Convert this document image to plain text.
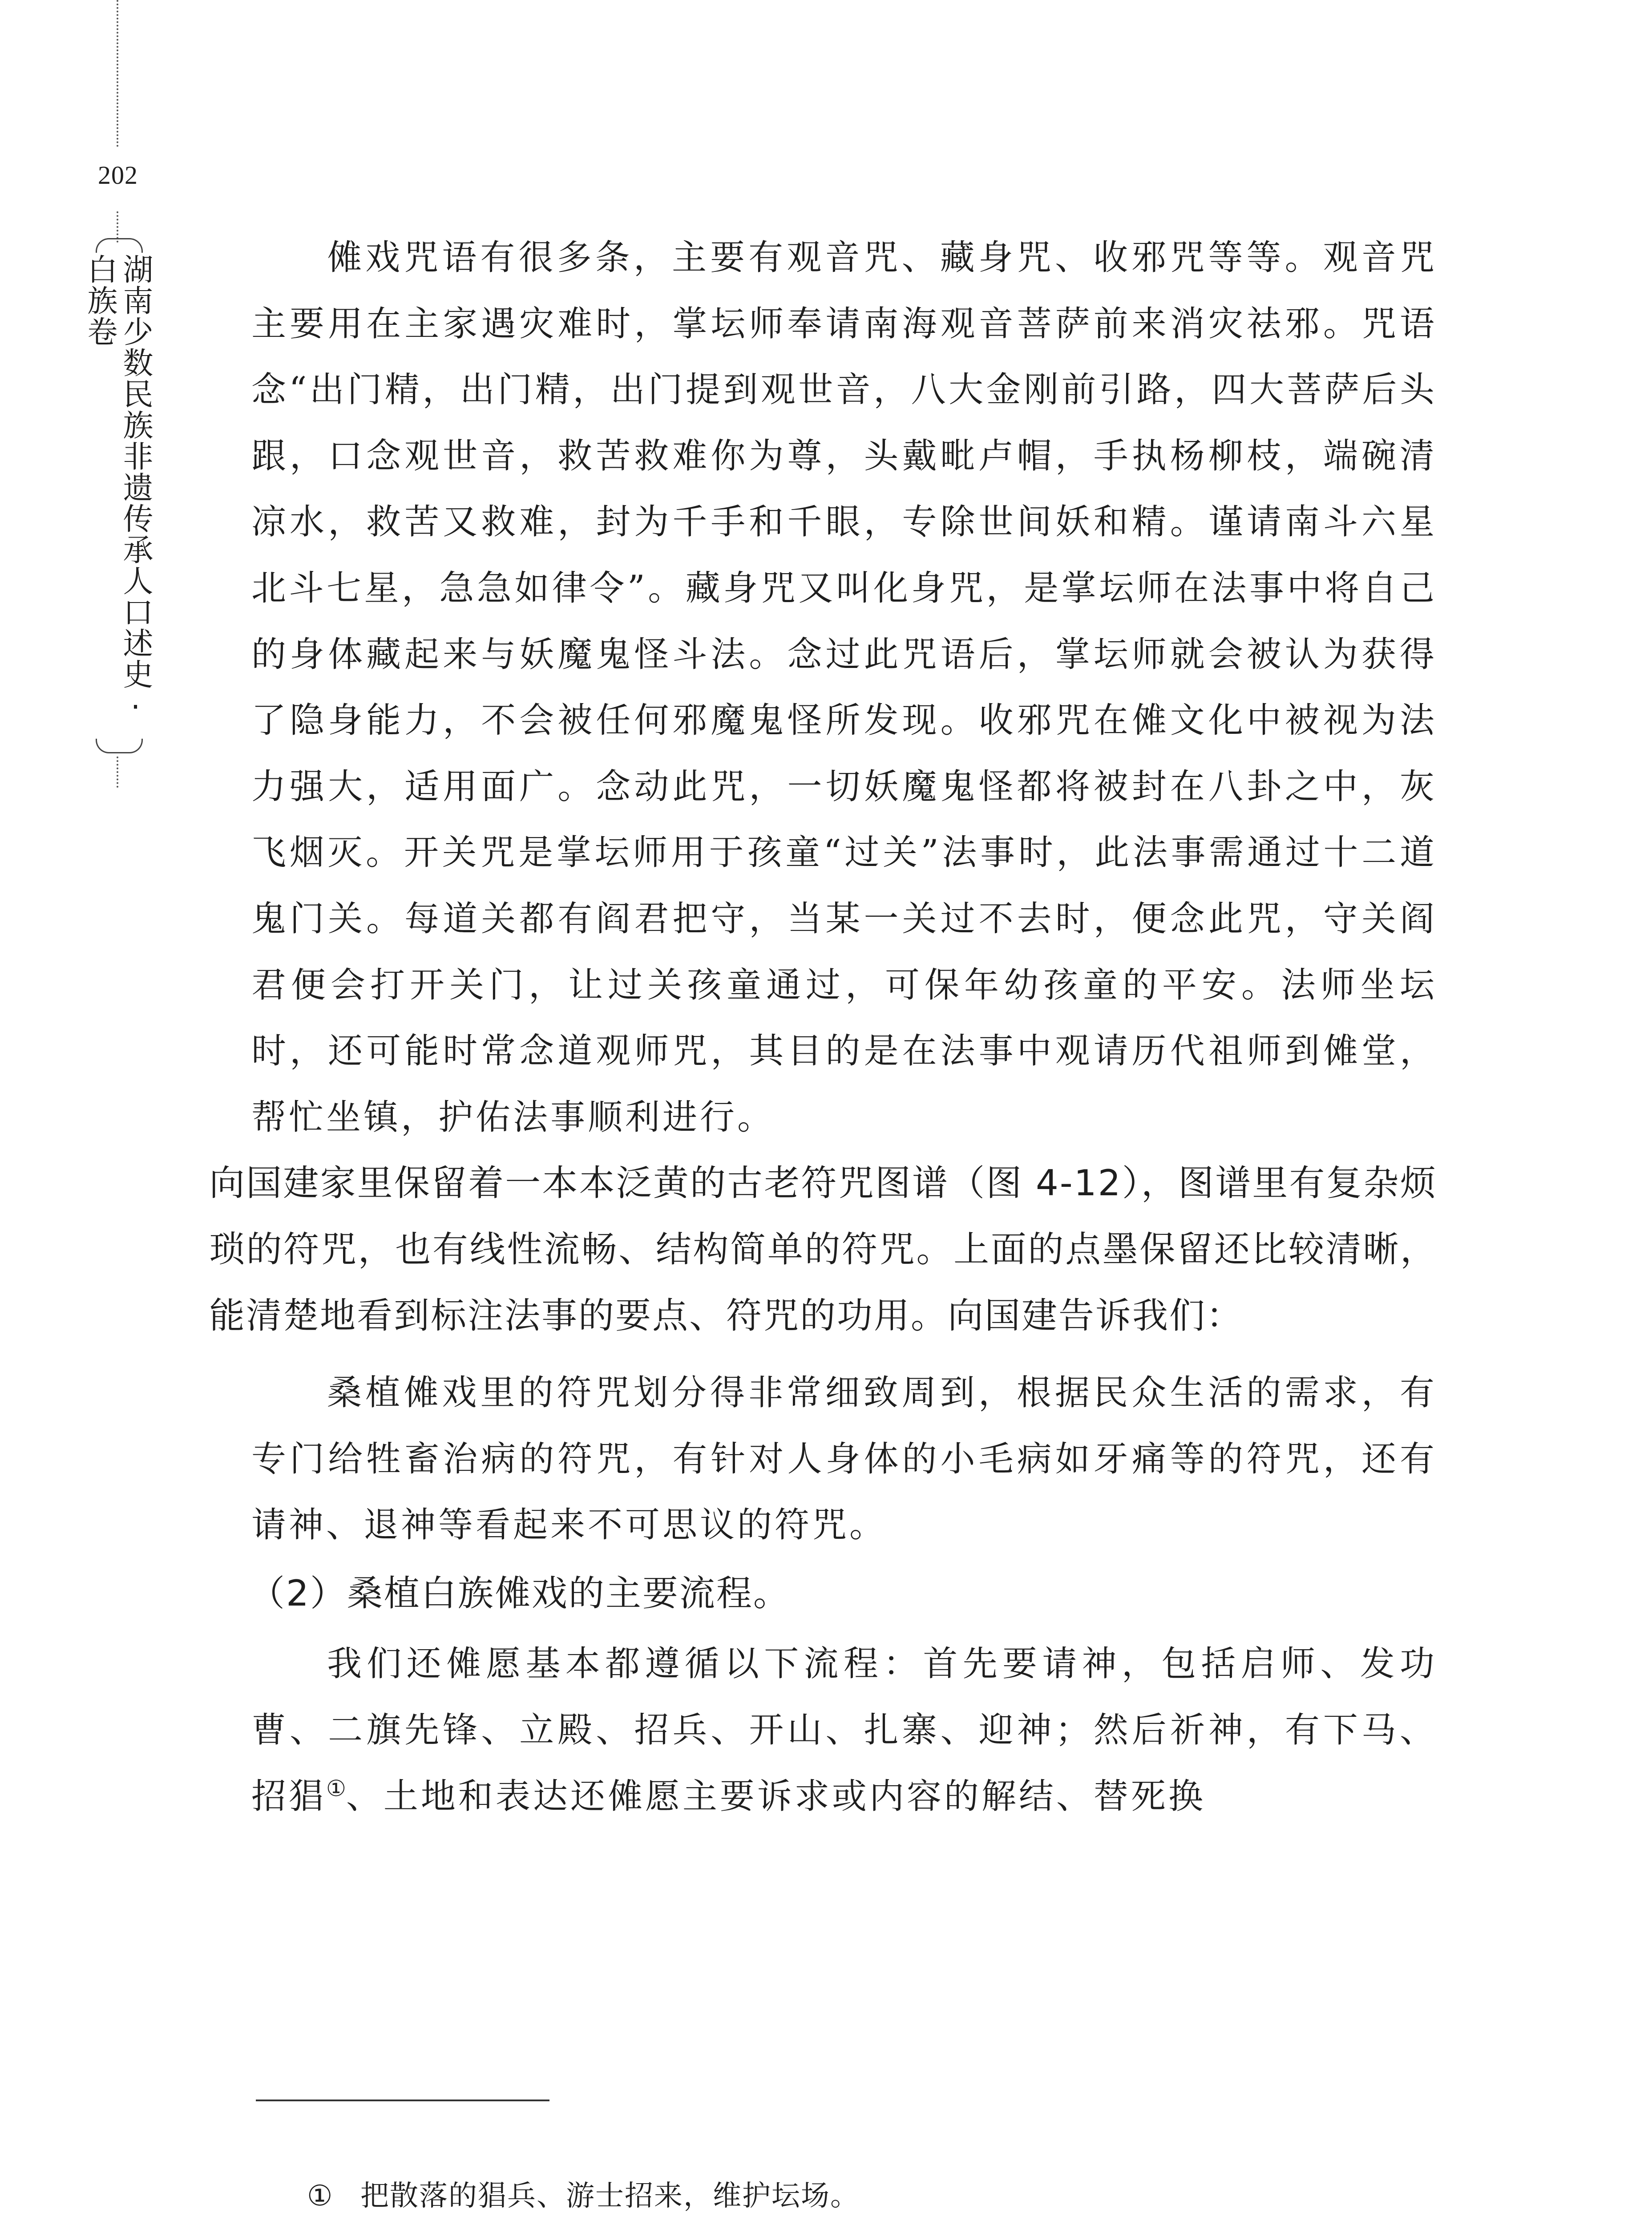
202
湖南少数民族非遗传承人口述史·白族卷	傩戏咒语有很多条，主要有观音咒、藏身咒、收邪咒等等。观音咒主要用在主家遇灾难时，掌坛师奉请南海观音菩萨前来消灾祛邪。咒语念“出门精，出门精，出门提到观世音，八大金刚前引路，四大菩萨后头跟，口念观世音，救苦救难你为尊，头戴毗卢帽，手执杨柳枝，端碗清凉水，救苦又救难，封为千手和千眼，专除世间妖和精。谨请南斗六星北斗七星，急急如律令”。藏身咒又叫化身咒，是掌坛师在法事中将自己的身体藏起来与妖魔鬼怪斗法。念过此咒语后，掌坛师就会被认为获得了隐身能力，不会被任何邪魔鬼怪所发现。收邪咒在傩文化中被视为法力强大，适用面广。念动此咒，一切妖魔鬼怪都将被封在八卦之中，灰飞烟灭。开关咒是掌坛师用于孩童“过关”法事时，此法事需通过十二道鬼门关。每道关都有阎君把守，当某一关过不去时，便念此咒，守关阎君便会打开关门，让过关孩童通过，可保年幼孩童的平安。法师坐坛时，还可能时常念道观师咒，其目的是在法事中观请历代祖师到傩堂，帮忙坐镇，护佑法事顺利进行。

向国建家里保留着一本本泛黄的古老符咒图谱（图 4-12），图谱里有复杂烦琐的符咒，也有线性流畅、结构简单的符咒。上面的点墨保留还比较清晰，能清楚地看到标注法事的要点、符咒的功用。向国建告诉我们：

桑植傩戏里的符咒划分得非常细致周到，根据民众生活的需求，有专门给牲畜治病的符咒，有针对人身体的小毛病如牙痛等的符咒，还有请神、退神等看起来不可思议的符咒。

（2）桑植白族傩戏的主要流程。

我们还傩愿基本都遵循以下流程：首先要请神，包括启师、发功曹、二旗先锋、立殿、招兵、开山、扎寨、迎神；然后祈神，有下马、招猖①、土地和表达还傩愿主要诉求或内容的解结、替死换

① 把散落的猖兵、游士招来，维护坛场。
